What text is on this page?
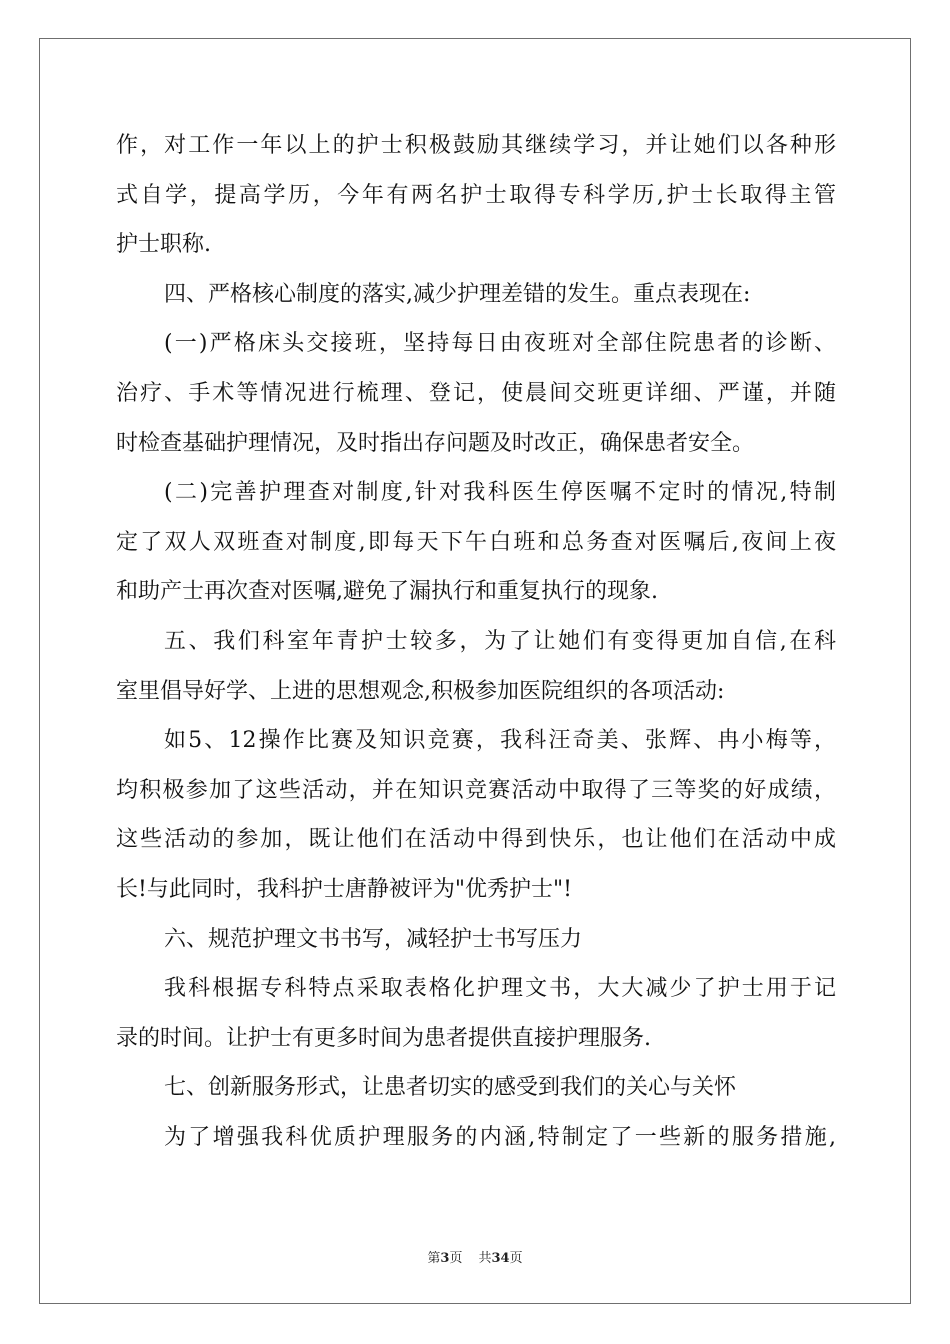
作，对工作一年以上的护士积极鼓励其继续学习，并让她们以各种形
式自学，提高学历，今年有两名护士取得专科学历,护士长取得主管
护士职称.
四、严格核心制度的落实,减少护理差错的发生。重点表现在:
(一)严格床头交接班，坚持每日由夜班对全部住院患者的诊断、
治疗、手术等情况进行梳理、登记，使晨间交班更详细、严谨，并随
时检查基础护理情况，及时指出存问题及时改正，确保患者安全。
(二)完善护理查对制度,针对我科医生停医嘱不定时的情况,特制
定了双人双班查对制度,即每天下午白班和总务查对医嘱后,夜间上夜
和助产士再次查对医嘱,避免了漏执行和重复执行的现象.
五、我们科室年青护士较多，为了让她们有变得更加自信,在科
室里倡导好学、上进的思想观念,积极参加医院组织的各项活动:
如5、12操作比赛及知识竞赛，我科汪奇美、张辉、冉小梅等，
均积极参加了这些活动，并在知识竞赛活动中取得了三等奖的好成绩，
这些活动的参加，既让他们在活动中得到快乐，也让他们在活动中成
长!与此同时，我科护士唐静被评为"优秀护士"!
六、规范护理文书书写，减轻护士书写压力
我科根据专科特点采取表格化护理文书，大大减少了护士用于记
录的时间。让护士有更多时间为患者提供直接护理服务.
七、创新服务形式，让患者切实的感受到我们的关心与关怀
为了增强我科优质护理服务的内涵,特制定了一些新的服务措施,
第3页 共34页
